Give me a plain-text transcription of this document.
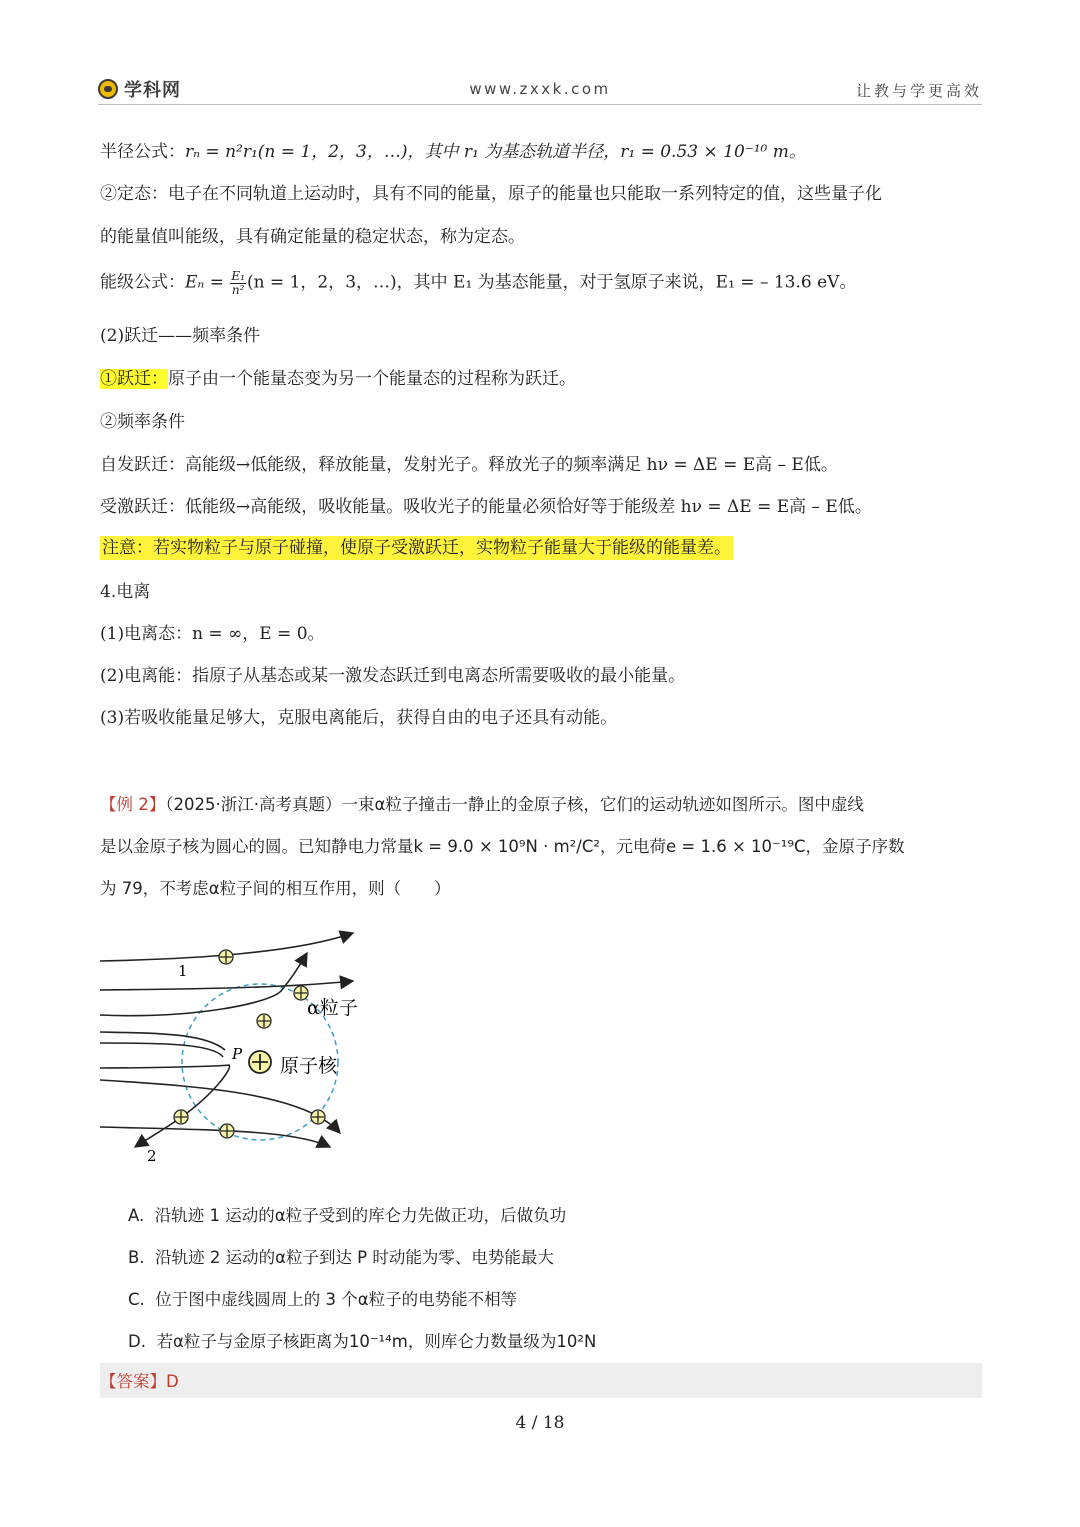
学科网	www.zxxk.com	让教与学更高效
半径公式：rₙ = n²r₁(n = 1，2，3，…)，其中 r₁ 为基态轨道半径，r₁ = 0.53 × 10⁻¹⁰ m。
②定态：电子在不同轨道上运动时，具有不同的能量，原子的能量也只能取一系列特定的值，这些量子化
的能量值叫能级，具有确定能量的稳定状态，称为定态。
能级公式：$E_n = \frac{\text{E₁}}{\text{n²}} (n = 1$，2，3，…)，其中 E₁ 为基态能量，对于氢原子来说，E₁ = – 13.6 eV。
(2)跃迁——频率条件
①跃迁：原子由一个能量态变为另一个能量态的过程称为跃迁。
②频率条件
自发跃迁：高能级→低能级，释放能量，发射光子。释放光子的频率满足 hν = ΔE = E高 – E低。
受激跃迁：低能级→高能级，吸收能量。吸收光子的能量必须恰好等于能级差 hν = ΔE = E高 – E低。
注意：若实物粒子与原子碰撞，使原子受激跃迁，实物粒子能量大于能级的能量差。
4.电离
(1)电离态：n = ∞，E = 0。
(2)电离能：指原子从基态或某一激发态跃迁到电离态所需要吸收的最小能量。
(3)若吸收能量足够大，克服电离能后，获得自由的电子还具有动能。
【例 2】（2025·浙江·高考真题）一束α粒子撞击一静止的金原子核，它们的运动轨迹如图所示。图中虚线
是以金原子核为圆心的圆。已知静电力常量k = 9.0 × 10⁹N · m²/C²，元电荷e = 1.6 × 10⁻¹⁹C，金原子序数
为 79，不考虑α粒子间的相互作用，则（　　）
1
2
P
α粒子
原子核
A. 沿轨迹 1 运动的α粒子受到的库仑力先做正功，后做负功
B. 沿轨迹 2 运动的α粒子到达 P 时动能为零、电势能最大
C. 位于图中虚线圆周上的 3 个α粒子的电势能不相等
D. 若α粒子与金原子核距离为10⁻¹⁴m，则库仑力数量级为10²N
【答案】D
4 / 18
